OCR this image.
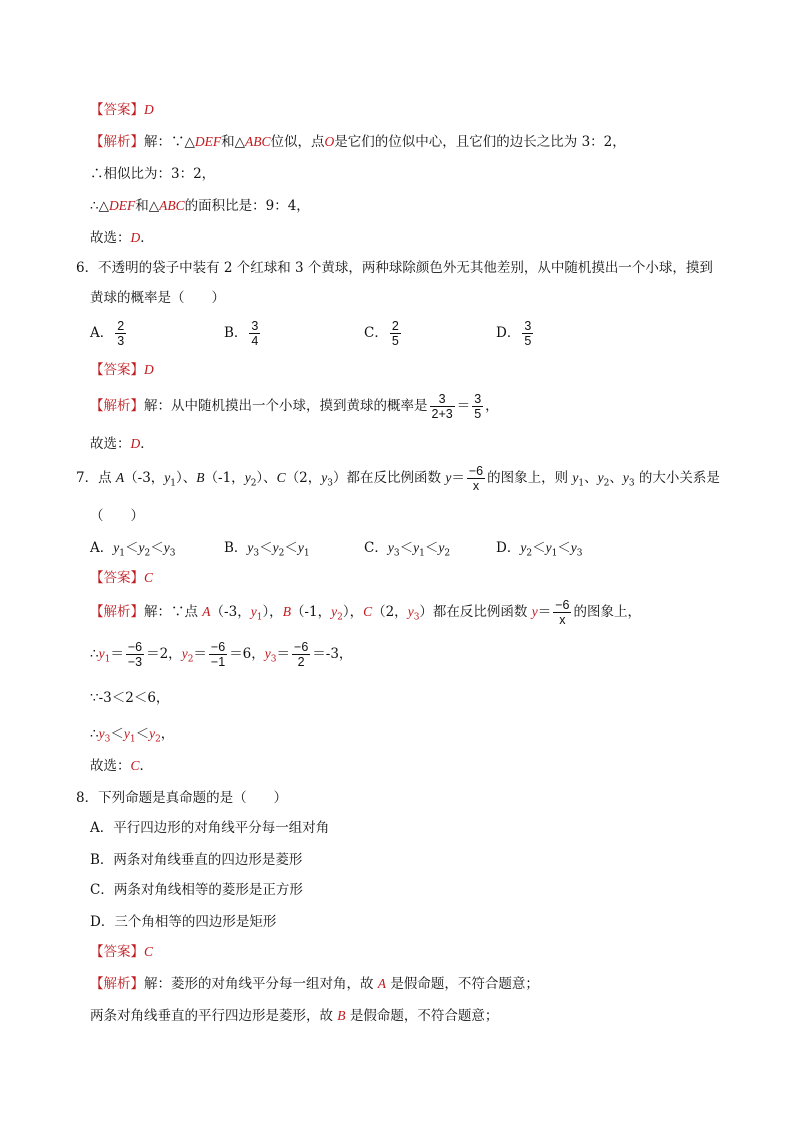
【答案】D
【解析】解：∵△DEF和△ABC位似，点O是它们的位似中心，且它们的边长之比为 3：2，
∴相似比为：3：2，
∴△DEF和△ABC的面积比是：9：4，
故选：D．
6．不透明的袋子中装有 2 个红球和 3 个黄球，两种球除颜色外无其他差别，从中随机摸出一个小球，摸到
黄球的概率是（　　）
A． $\frac{2}{3}$	B． $\frac{3}{4}$	C． $\frac{2}{5}$	D． $\frac{3}{5}$
【答案】D
【解析】解：从中随机摸出一个小球，摸到黄球的概率是 $\frac{3}{2+3} = \frac{3}{5}$ ，
故选：D．
7．点 A（-3，$y_1$）、B（-1，$y_2$）、C（2，$y_3$）都在反比例函数 $y= \frac{-6}{x}$ 的图象上，则 $y_1$、$y_2$、$y_3$ 的大小关系是
（　　）
A．$y_1<y_2<y_3$	B．$y_3<y_2<y_1$	C．$y_3<y_1<y_2$	D．$y_2<y_1<y_3$
【答案】C
【解析】解：∵点 A（-3，$y_1$），B（-1，$y_2$），C（2，$y_3$）都在反比例函数 $y= \frac{-6}{x}$ 的图象上，
$\therefore y_1= \frac{-6}{-3} =2$，$y_2= \frac{-6}{-1} =6$，$y_3= \frac{-6}{2} =-3$，
∵-3＜2＜6，
$\therefore y_3<y_1<y_2$，
故选：C．
8．下列命题是真命题的是（　　）
A．平行四边形的对角线平分每一组对角
B．两条对角线垂直的四边形是菱形
C．两条对角线相等的菱形是正方形
D．三个角相等的四边形是矩形
【答案】C
【解析】解：菱形的对角线平分每一组对角，故 A 是假命题，不符合题意；
两条对角线垂直的平行四边形是菱形，故 B 是假命题，不符合题意；
